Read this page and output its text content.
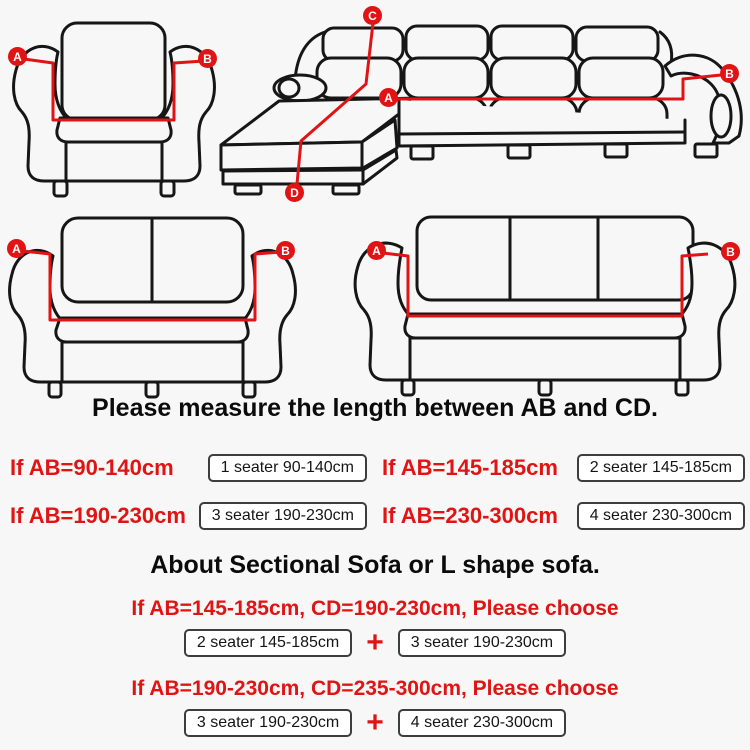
A	B
C
D
A
B
A	B	A	B
Please measure the length between AB and CD.
If AB=90-140cm	1 seater 90-140cm	If AB=145-185cm	2 seater 145-185cm
If AB=190-230cm	3 seater 190-230cm	If AB=230-300cm	4 seater 230-300cm
About Sectional Sofa or L shape sofa.
If AB=145-185cm, CD=190-230cm, Please choose
2 seater 145-185cm +	3 seater 190-230cm
If AB=190-230cm, CD=235-300cm, Please choose
3 seater 190-230cm +	4 seater 230-300cm
